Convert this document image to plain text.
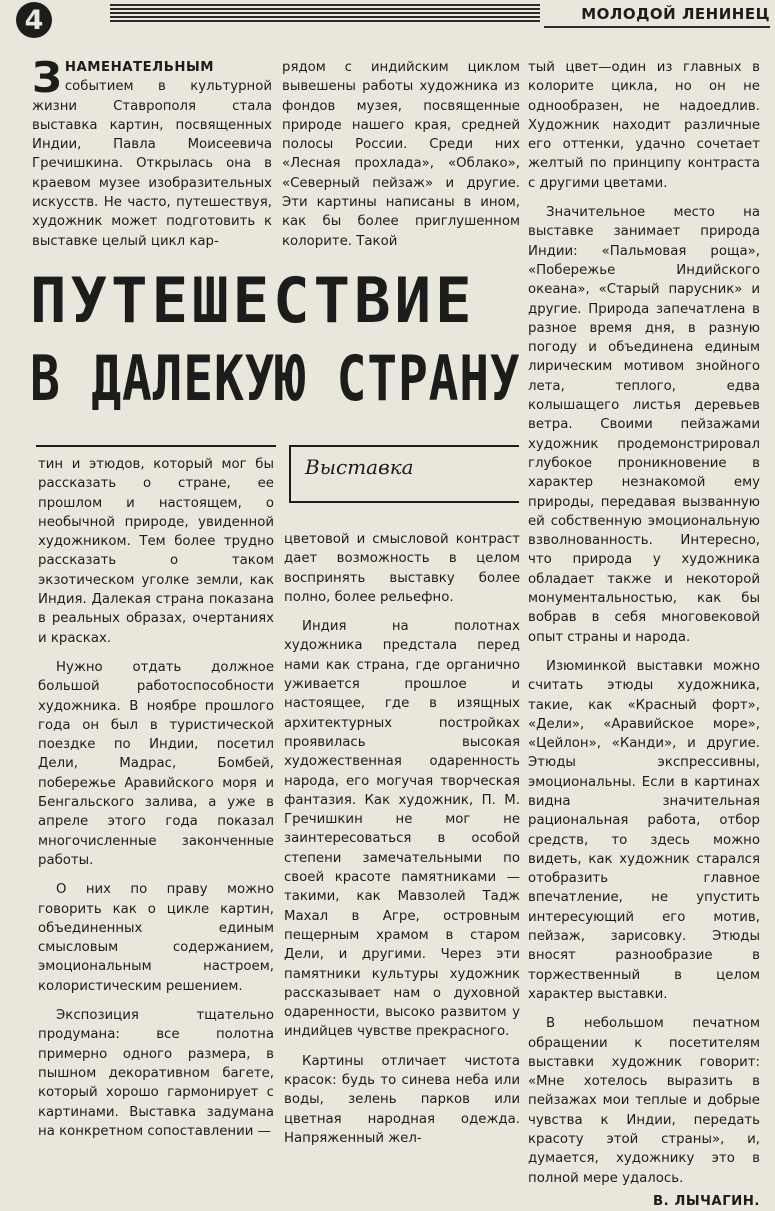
4	МОЛОДОЙ ЛЕНИНЕЦ

ЗНАМЕНАТЕЛЬНЫМ событием в культурной жизни Ставрополя стала выставка картин, посвященных Индии, Павла Моисеевича Гречишкина. Открылась она в краевом музее изобразительных искусств. Не часто, путешествуя, художник может подготовить к выставке целый цикл кар-

рядом с индийским циклом вывешены работы художника из фондов музея, посвященные природе нашего края, средней полосы России. Среди них «Лесная прохлада», «Облако», «Северный пейзаж» и другие. Эти картины написаны в ином, как бы более приглушенном колорите. Такой

ПУТЕШЕСТВИЕ
В ДАЛЕКУЮ СТРАНУ
Выставка

тин и этюдов, который мог бы рассказать о стране, ее прошлом и настоящем, о необычной природе, увиденной художником. Тем более трудно рассказать о таком экзотическом уголке земли, как Индия. Далекая страна показана в реальных образах, очертаниях и красках.

Нужно отдать должное большой работоспособности художника. В ноябре прошлого года он был в туристической поездке по Индии, посетил Дели, Мадрас, Бомбей, побережье Аравийского моря и Бенгальского залива, а уже в апреле этого года показал многочисленные законченные работы.

О них по праву можно говорить как о цикле картин, объединенных единым смысловым содержанием, эмоциональным настроем, колористическим решением.

Экспозиция тщательно продумана: все полотна примерно одного размера, в пышном декоративном багете, который хорошо гармонирует с картинами. Выставка задумана на конкретном сопоставлении —

цветовой и смысловой контраст дает возможность в целом воспринять выставку более полно, более рельефно.

Индия на полотнах художника предстала перед нами как страна, где органично уживается прошлое и настоящее, где в изящных архитектурных постройках проявилась высокая художественная одаренность народа, его могучая творческая фантазия. Как художник, П. М. Гречишкин не мог не заинтересоваться в особой степени замечательными по своей красоте памятниками — такими, как Мавзолей Тадж Махал в Агре, островным пещерным храмом в старом Дели, и другими. Через эти памятники культуры художник рассказывает нам о духовной одаренности, высоко развитом у индийцев чувстве прекрасного.

Картины отличает чистота красок: будь то синева неба или воды, зелень парков или цветная народная одежда. Напряженный жел-

тый цвет—один из главных в колорите цикла, но он не однообразен, не надоедлив. Художник находит различные его оттенки, удачно сочетает желтый по принципу контраста с другими цветами.

Значительное место на выставке занимает природа Индии: «Пальмовая роща», «Побережье Индийского океана», «Старый парусник» и другие. Природа запечатлена в разное время дня, в разную погоду и объединена единым лирическим мотивом знойного лета, теплого, едва колышащего листья деревьев ветра. Своими пейзажами художник продемонстрировал глубокое проникновение в характер незнакомой ему природы, передавая вызванную ей собственную эмоциональную взволнованность. Интересно, что природа у художника обладает также и некоторой монументальностью, как бы вобрав в себя многовековой опыт страны и народа.

Изюминкой выставки можно считать этюды художника, такие, как «Красный форт», «Дели», «Аравийское море», «Цейлон», «Канди», и другие. Этюды экспрессивны, эмоциональны. Если в картинах видна значительная рациональная работа, отбор средств, то здесь можно видеть, как художник старался отобразить главное впечатление, не упустить интересующий его мотив, пейзаж, зарисовку. Этюды вносят разнообразие в торжественный в целом характер выставки.

В небольшом печатном обращении к посетителям выставки художник говорит: «Мне хотелось выразить в пейзажах мои теплые и добрые чувства к Индии, передать красоту этой страны», и, думается, художнику это в полной мере удалось.

В. ЛЫЧАГИН.
